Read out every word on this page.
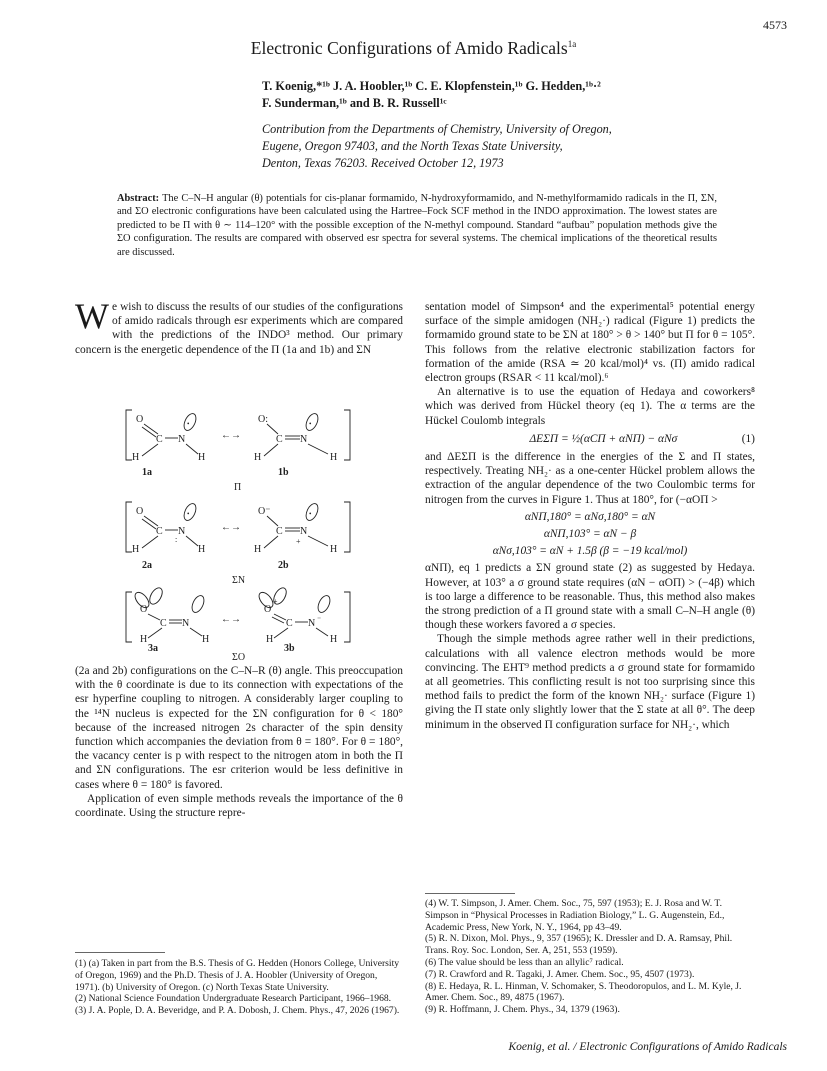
4573
Electronic Configurations of Amido Radicals$^{1a}$
T. Koenig,*¹ᵇ J. A. Hoobler,¹ᵇ C. E. Klopfenstein,¹ᵇ G. Hedden,¹ᵇ·²
F. Sunderman,¹ᵇ and B. R. Russell¹ᶜ

Contribution from the Departments of Chemistry, University of Oregon,

Eugene, Oregon 97403, and the North Texas State University,

Denton, Texas 76203. Received October 12, 1973

Abstract: The C–N–H angular (θ) potentials for cis-planar formamido, N-hydroxyformamido, and N-methylformamido radicals in the Π, ΣN, and ΣO electronic configurations have been calculated using the Hartree–Fock SCF method in the INDO approximation. The lowest states are predicted to be Π with θ ∼ 114–120° with the possible exception of the N-methyl compound. Standard “aufbau” population methods give the ΣO configuration. The results are compared with observed esr spectra for several systems. The chemical implications of the theoretical results are discussed.

We wish to discuss the results of our studies of the configurations of amido radicals through esr experiments which are compared with the predictions of the INDO³ method. Our primary concern is the energetic dependence of the Π (1a and 1b) and ΣN

O
C N
H	H
•
←→
O:
C N
H	H
•
1a	1b
Π
O
C N
:
H	H
•
←→
O⁻
C N
+
H	H
•
2a	2b
ΣN
O
C N
H	H
←→
O
+
C N ⁻
H	H
3a	3b
ΣO

(2a and 2b) configurations on the C–N–R (θ) angle. This preoccupation with the θ coordinate is due to its connection with expectations of the esr hyperfine coupling to nitrogen. A considerably larger coupling to the ¹⁴N nucleus is expected for the ΣN configuration for θ < 180° because of the increased nitrogen 2s character of the spin density function which accompanies the deviation from θ = 180°. For θ = 180°, the vacancy center is p with respect to the nitrogen atom in both the Π and ΣN configurations. The esr criterion would be less definitive in cases where θ = 180° is favored.

Application of even simple methods reveals the importance of the θ coordinate. Using the structure repre-

(1) (a) Taken in part from the B.S. Thesis of G. Hedden (Honors College, University of Oregon, 1969) and the Ph.D. Thesis of J. A. Hoobler (University of Oregon, 1971). (b) University of Oregon. (c) North Texas State University.

(2) National Science Foundation Undergraduate Research Participant, 1966–1968.

(3) J. A. Pople, D. A. Beveridge, and P. A. Dobosh, J. Chem. Phys., 47, 2026 (1967).

sentation model of Simpson⁴ and the experimental⁵ potential energy surface of the simple amidogen (NH₂·) radical (Figure 1) predicts the formamido ground state to be ΣN at 180° > θ > 140° but Π for θ = 105°. This follows from the relative electronic stabilization factors for formation of the amide (RSA ≃ 20 kcal/mol)⁴ vs. (Π) amido radical electron groups (RSAR < 11 kcal/mol).⁶

An alternative is to use the equation of Hedaya and coworkers⁸ which was derived from Hückel theory (eq 1). The α terms are the Hückel Coulomb integrals

ΔEΣΠ = ½(αCΠ + αNΠ) − αNσ	(1)

and ΔEΣΠ is the difference in the energies of the Σ and Π states, respectively. Treating NH₂· as a one-center Hückel problem allows the extraction of the angular dependence of the two Coulombic terms for nitrogen from the curves in Figure 1. Thus at 180°, for (−αOΠ >

αNΠ,180° = αNσ,180° = αN
αNΠ,103° = αN − β
αNσ,103° = αN + 1.5β (β = −19 kcal/mol)

αNΠ), eq 1 predicts a ΣN ground state (2) as suggested by Hedaya. However, at 103° a σ ground state requires (αN − αOΠ) > (−4β) which is too large a difference to be reasonable. Thus, this method also makes the strong prediction of a Π ground state with a small C–N–H angle (θ) though these workers favored a σ species.

Though the simple methods agree rather well in their predictions, calculations with all valence electron methods would be more convincing. The EHT⁹ method predicts a σ ground state for formamido at all geometries. This conflicting result is not too surprising since this method fails to predict the form of the known NH₂· surface (Figure 1) giving the Π state only slightly lower that the Σ state at all θ°. The deep minimum in the observed Π configuration surface for NH₂·, which

(4) W. T. Simpson, J. Amer. Chem. Soc., 75, 597 (1953); E. J. Rosa and W. T. Simpson in “Physical Processes in Radiation Biology,” L. G. Augenstein, Ed., Academic Press, New York, N. Y., 1964, pp 43–49.

(5) R. N. Dixon, Mol. Phys., 9, 357 (1965); K. Dressler and D. A. Ramsay, Phil. Trans. Roy. Soc. London, Ser. A, 251, 553 (1959).

(6) The value should be less than an allylic⁷ radical.

(7) R. Crawford and R. Tagaki, J. Amer. Chem. Soc., 95, 4507 (1973).

(8) E. Hedaya, R. L. Hinman, V. Schomaker, S. Theodoropulos, and L. M. Kyle, J. Amer. Chem. Soc., 89, 4875 (1967).

(9) R. Hoffmann, J. Chem. Phys., 34, 1379 (1963).

Koenig, et al. / Electronic Configurations of Amido Radicals
